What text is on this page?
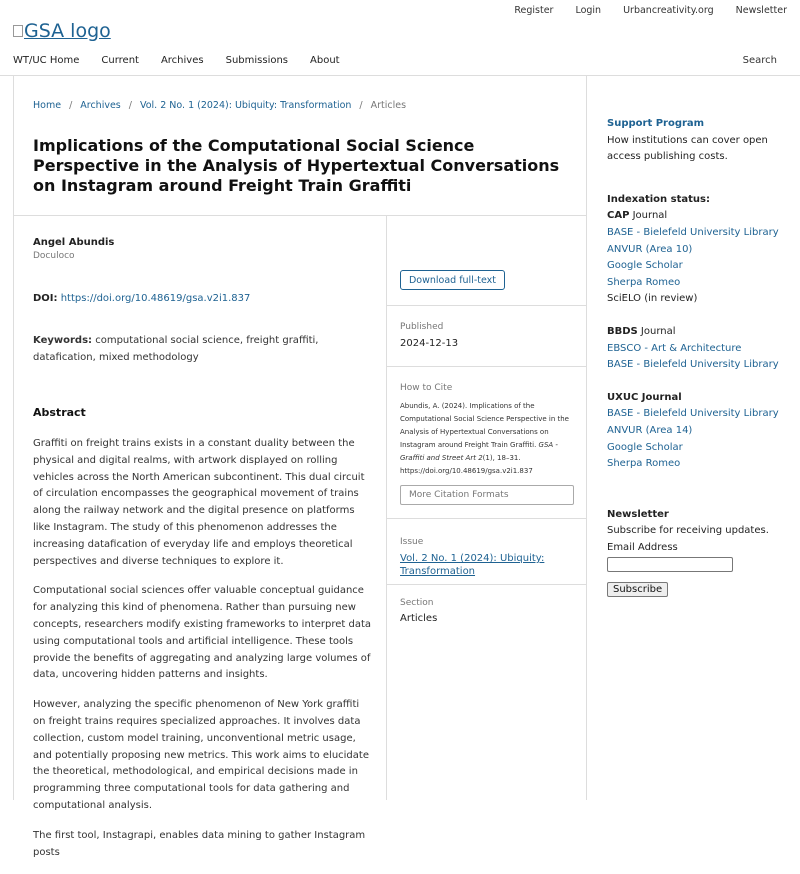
Register Login Urbancreativity.org Newsletter
GSA logo
WT/UC Home Current Archives Submissions About	Search
Home / Archives / Vol. 2 No. 1 (2024): Ubiquity: Transformation / Articles
Implications of the Computational Social Science Perspective in the Analysis of Hypertextual Conversations on Instagram around Freight Train Graffiti
Angel Abundis
Doculoco
DOI: https://doi.org/10.48619/gsa.v2i1.837
Keywords: computational social science, freight graffiti, datafication, mixed methodology
Abstract

Graffiti on freight trains exists in a constant duality between the physical and digital realms, with artwork displayed on rolling vehicles across the North American subcontinent. This dual circuit of circulation encompasses the geographical movement of trains along the railway network and the digital presence on platforms like Instagram. The study of this phenomenon addresses the increasing datafication of everyday life and employs theoretical perspectives and diverse techniques to explore it.

Computational social sciences offer valuable conceptual guidance for analyzing this kind of phenomena. Rather than pursuing new concepts, researchers modify existing frameworks to interpret data using computational tools and artificial intelligence. These tools provide the benefits of aggregating and analyzing large volumes of data, uncovering hidden patterns and insights.

However, analyzing the specific phenomenon of New York graffiti on freight trains requires specialized approaches. It involves data collection, custom model training, unconventional metric usage, and potentially proposing new metrics. This work aims to elucidate the theoretical, methodological, and empirical decisions made in programming three computational tools for data gathering and computational analysis.

The first tool, Instagrapi, enables data mining to gather Instagram posts

Download full-text
Published
2024-12-13
How to Cite
Abundis, A. (2024). Implications of the Computational Social Science Perspective in the Analysis of Hypertextual Conversations on Instagram around Freight Train Graffiti. GSA - Graffiti and Street Art 2(1), 18–31. https://doi.org/10.48619/gsa.v2i1.837
More Citation Formats
Issue
Vol. 2 No. 1 (2024): Ubiquity: Transformation
Section
Articles
Support Program
How institutions can cover open access publishing costs.
Indexation status:
CAP Journal
BASE - Bielefeld University Library
ANVUR (Area 10)
Google Scholar
Sherpa Romeo
SciELO (in review)
BBDS Journal
EBSCO - Art & Architecture
BASE - Bielefeld University Library
UXUC Journal
BASE - Bielefeld University Library
ANVUR (Area 14)
Google Scholar
Sherpa Romeo
Newsletter
Subscribe for receiving updates.
Email Address
Subscribe
